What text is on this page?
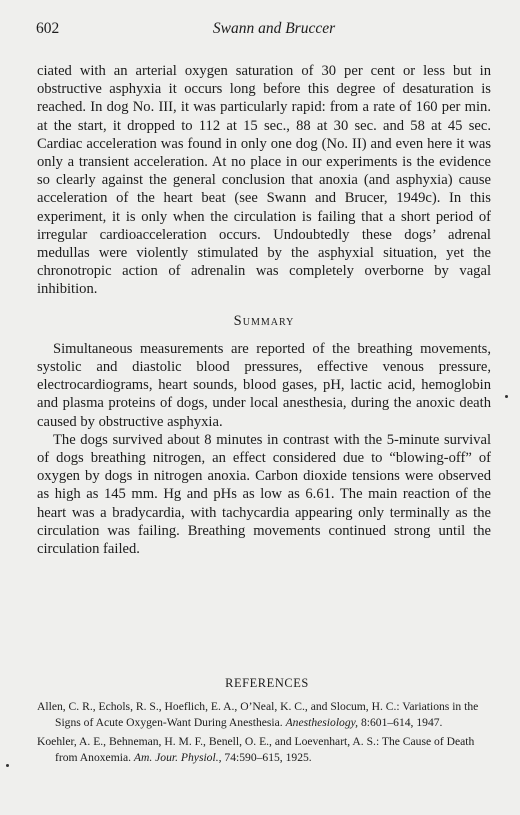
602	Swann and Bruccer

ciated with an arterial oxygen saturation of 30 per cent or less but in obstructive asphyxia it occurs long before this degree of desaturation is reached. In dog No. III, it was particularly rapid: from a rate of 160 per min. at the start, it dropped to 112 at 15 sec., 88 at 30 sec. and 58 at 45 sec. Cardiac acceleration was found in only one dog (No. II) and even here it was only a transient acceleration. At no place in our experiments is the evidence so clearly against the general conclusion that anoxia (and asphyxia) cause acceleration of the heart beat (see Swann and Brucer, 1949c). In this experiment, it is only when the circulation is failing that a short period of irregular cardioacceleration occurs. Undoubtedly these dogs’ adrenal medullas were violently stimulated by the asphyxial situation, yet the chronotropic action of adrenalin was completely overborne by vagal inhibition.

Summary

Simultaneous measurements are reported of the breathing movements, systolic and diastolic blood pressures, effective venous pressure, electrocardiograms, heart sounds, blood gases, pH, lactic acid, hemoglobin and plasma proteins of dogs, under local anesthesia, during the anoxic death caused by obstructive asphyxia.

The dogs survived about 8 minutes in contrast with the 5-minute survival of dogs breathing nitrogen, an effect considered due to “blowing-off” of oxygen by dogs in nitrogen anoxia. Carbon dioxide tensions were observed as high as 145 mm. Hg and pHs as low as 6.61. The main reaction of the heart was a bradycardia, with tachycardia appearing only terminally as the circulation was failing. Breathing movements continued strong until the circulation failed.

REFERENCES

Allen, C. R., Echols, R. S., Hoeflich, E. A., O’Neal, K. C., and Slocum, H. C.: Variations in the Signs of Acute Oxygen-Want During Anesthesia. Anesthesiology, 8:601–614, 1947.

Koehler, A. E., Behneman, H. M. F., Benell, O. E., and Loevenhart, A. S.: The Cause of Death from Anoxemia. Am. Jour. Physiol., 74:590–615, 1925.
